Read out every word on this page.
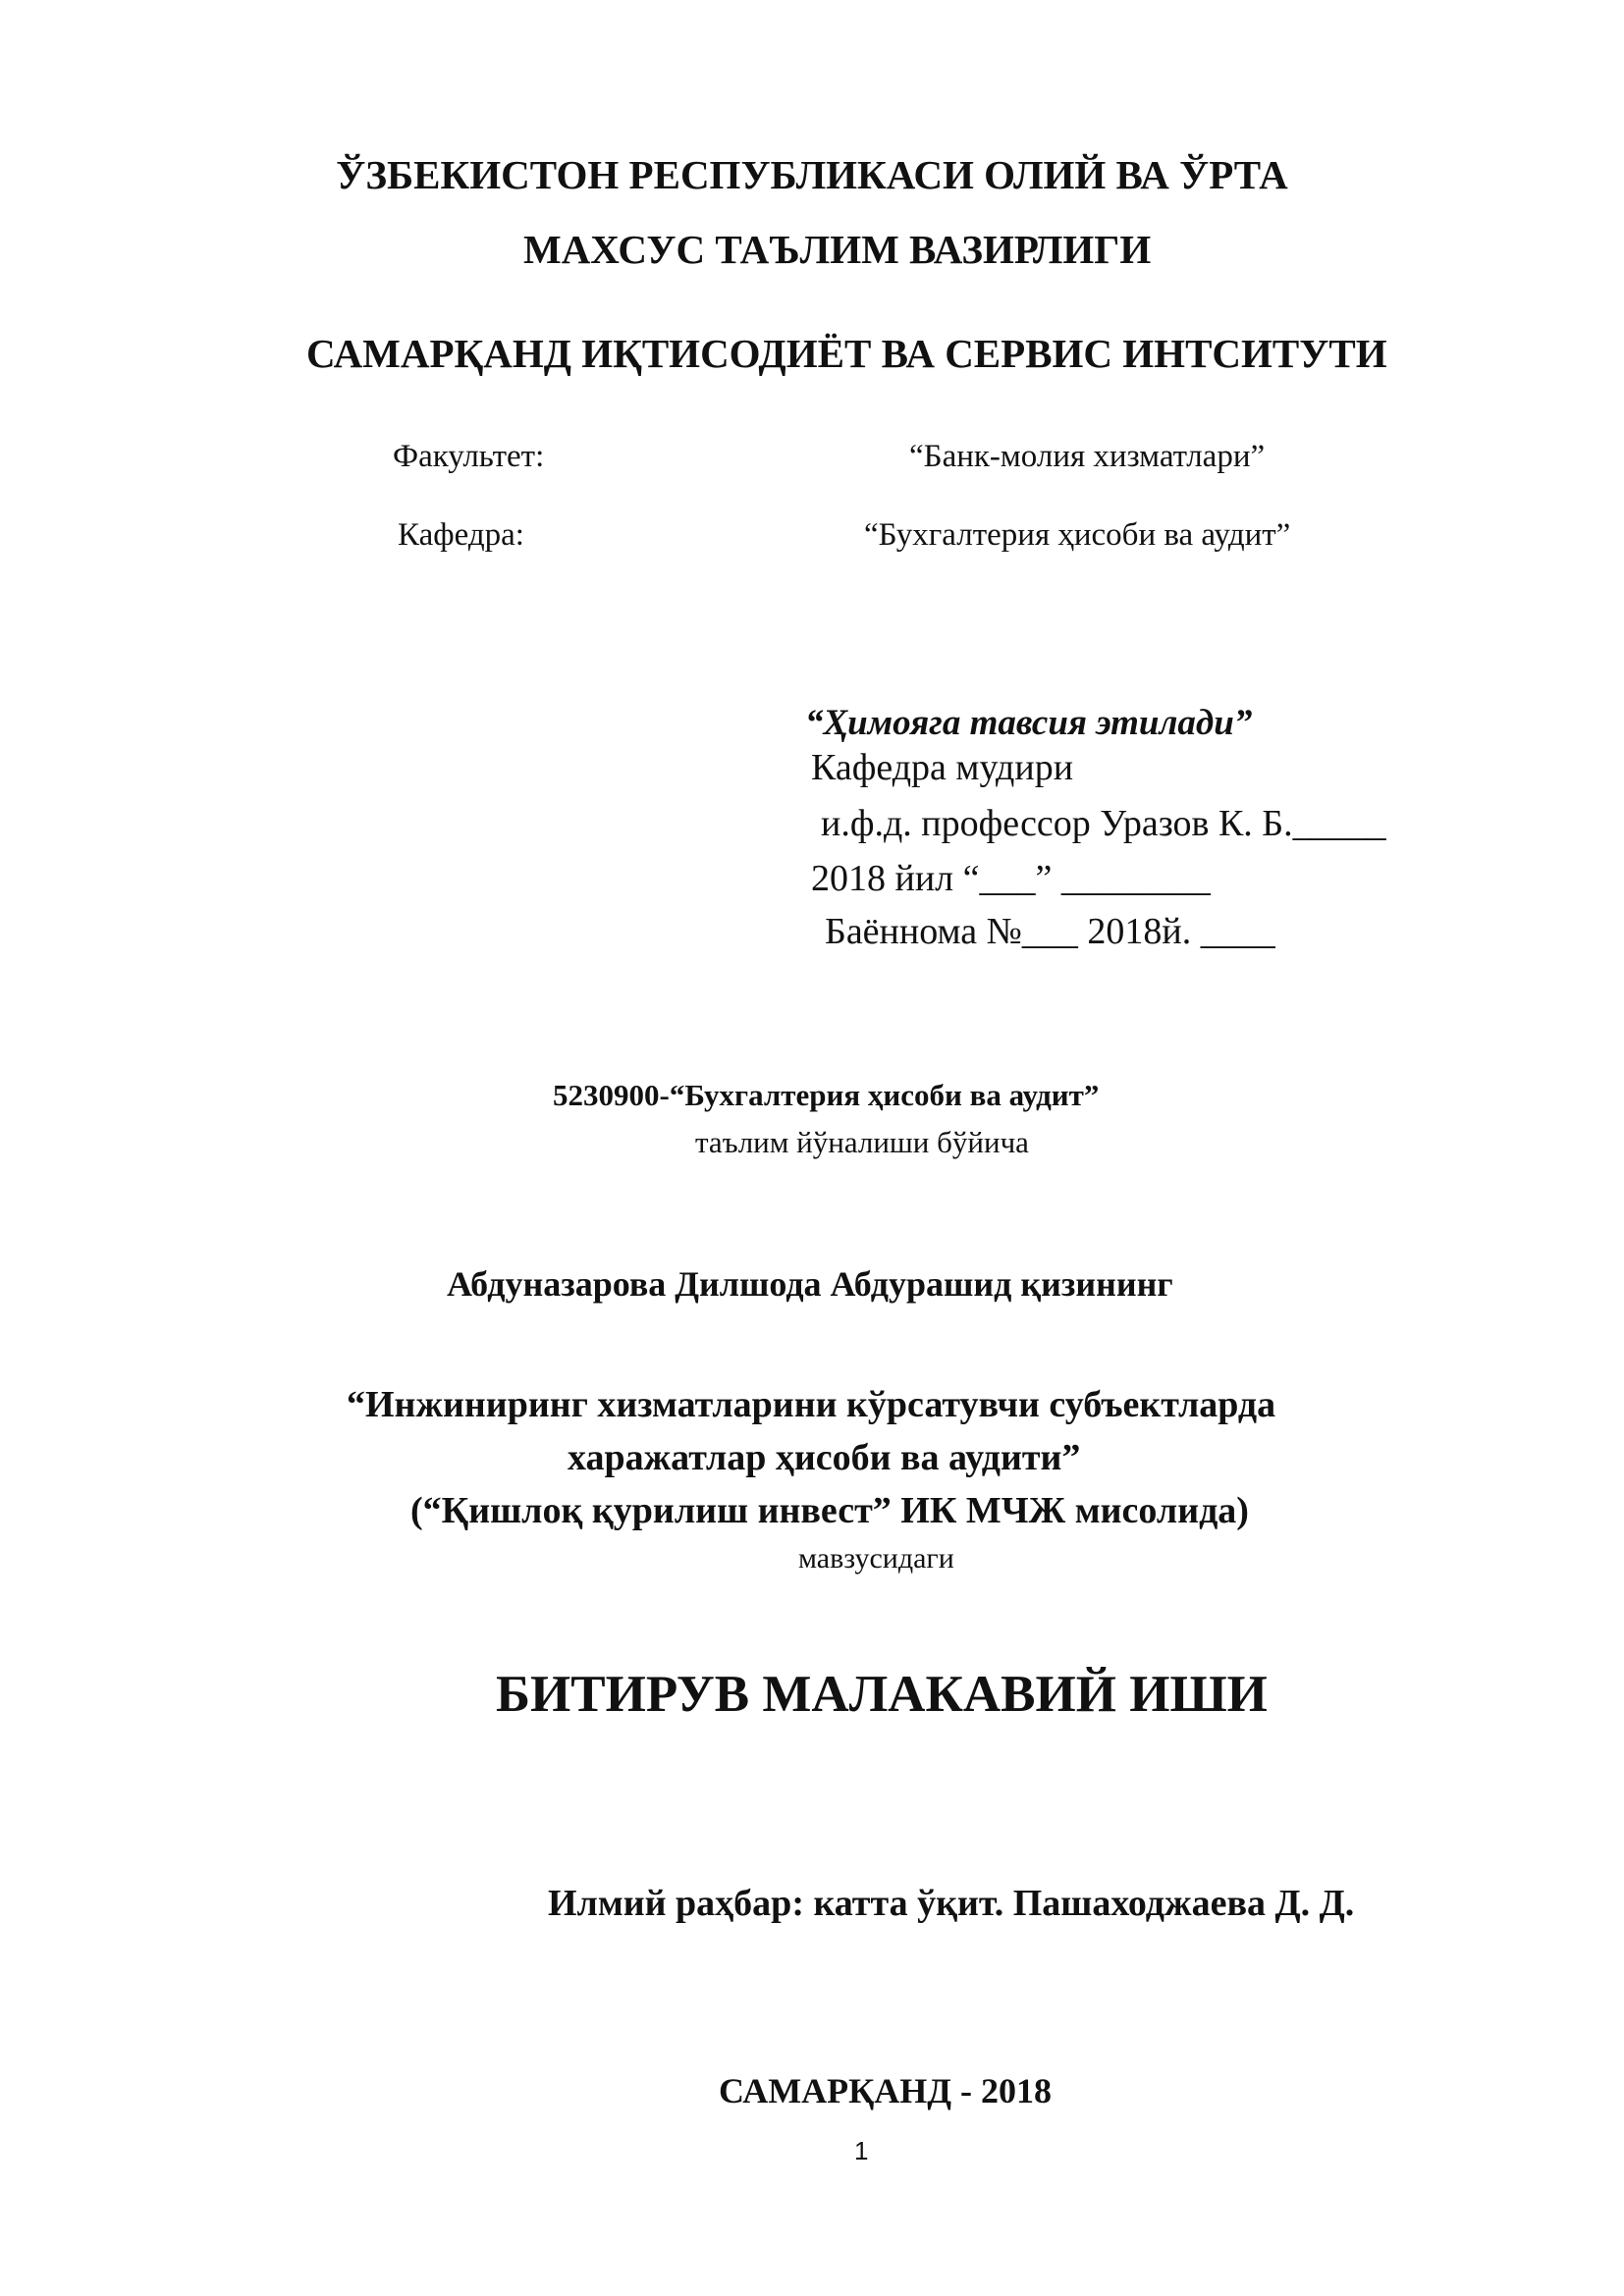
ЎЗБЕКИСТОН РЕСПУБЛИКАСИ ОЛИЙ ВА ЎРТА
МАХСУС ТАЪЛИМ ВАЗИРЛИГИ
САМАРҚАНД ИҚТИСОДИЁТ ВА СЕРВИС ИНТСИТУТИ
Факультет:	“Банк-молия хизматлари”
Кафедра:	“Бухгалтерия ҳисоби ва аудит”
“Ҳимояга тавсия этилади”
Кафедра мудири
и.ф.д. профессор Уразов К. Б._____
2018 йил “___” ________
Баённома №___ 2018й. ____
5230900-“Бухгалтерия ҳисоби ва аудит”
таълим йўналиши бўйича
Абдуназарова Дилшода Абдурашид қизининг
“Инжиниринг хизматларини кўрсатувчи субъектларда
харажатлар ҳисоби ва аудити”
(“Қишлоқ қурилиш инвест” ИК МЧЖ мисолида)
мавзусидаги
БИТИРУВ МАЛАКАВИЙ ИШИ
Илмий раҳбар: катта ўқит. Пашаходжаева Д. Д.
САМАРҚАНД - 2018
1
